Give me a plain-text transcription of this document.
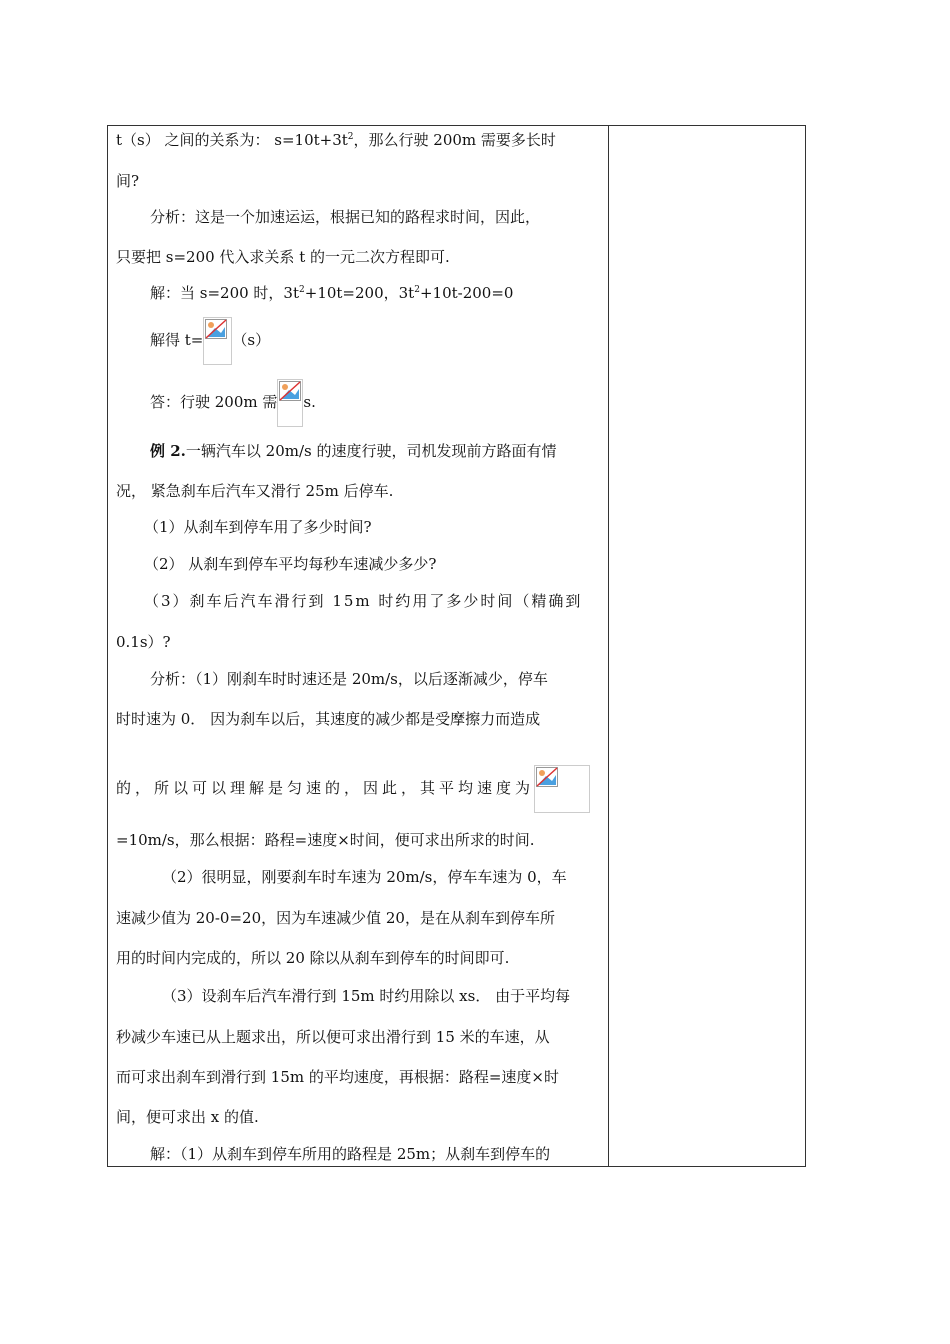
t（s） 之间的关系为： $s=10t+3t^2$，那么行驶 200m 需要多长时
间?
分析：这是一个加速运运，根据已知的路程求时间，因此，
只要把 s=200 代入求关系 t 的一元二次方程即可.
解：当 s=200 时，$3t^2+10t=200$，$3t^2+10t-200=0$
解得 t= （s）
答：行驶 200m 需 s.
例 2.一辆汽车以 20m/s 的速度行驶，司机发现前方路面有情
况， 紧急刹车后汽车又滑行 25m 后停车.
（1）从刹车到停车用了多少时间?
（2） 从刹车到停车平均每秒车速减少多少?
（3）刹车后汽车滑行到 15m 时约用了多少时间（精确到
0.1s）?
分析：（1）刚刹车时时速还是 20m/s，以后逐渐减少，停车
时时速为 0． 因为刹车以后，其速度的减少都是受摩擦力而造成
的，所以可以理解是匀速的，因此，其平均速度为
=10m/s，那么根据：路程=速度×时间，便可求出所求的时间.
（2）很明显，刚要刹车时车速为 20m/s，停车车速为 0，车
速减少值为 20-0=20，因为车速减少值 20，是在从刹车到停车所
用的时间内完成的，所以 20 除以从刹车到停车的时间即可.
（3）设刹车后汽车滑行到 15m 时约用除以 xs． 由于平均每
秒减少车速已从上题求出，所以便可求出滑行到 15 米的车速，从
而可求出刹车到滑行到 15m 的平均速度，再根据：路程=速度×时
间，便可求出 x 的值.
解：（1）从刹车到停车所用的路程是 25m；从刹车到停车的
